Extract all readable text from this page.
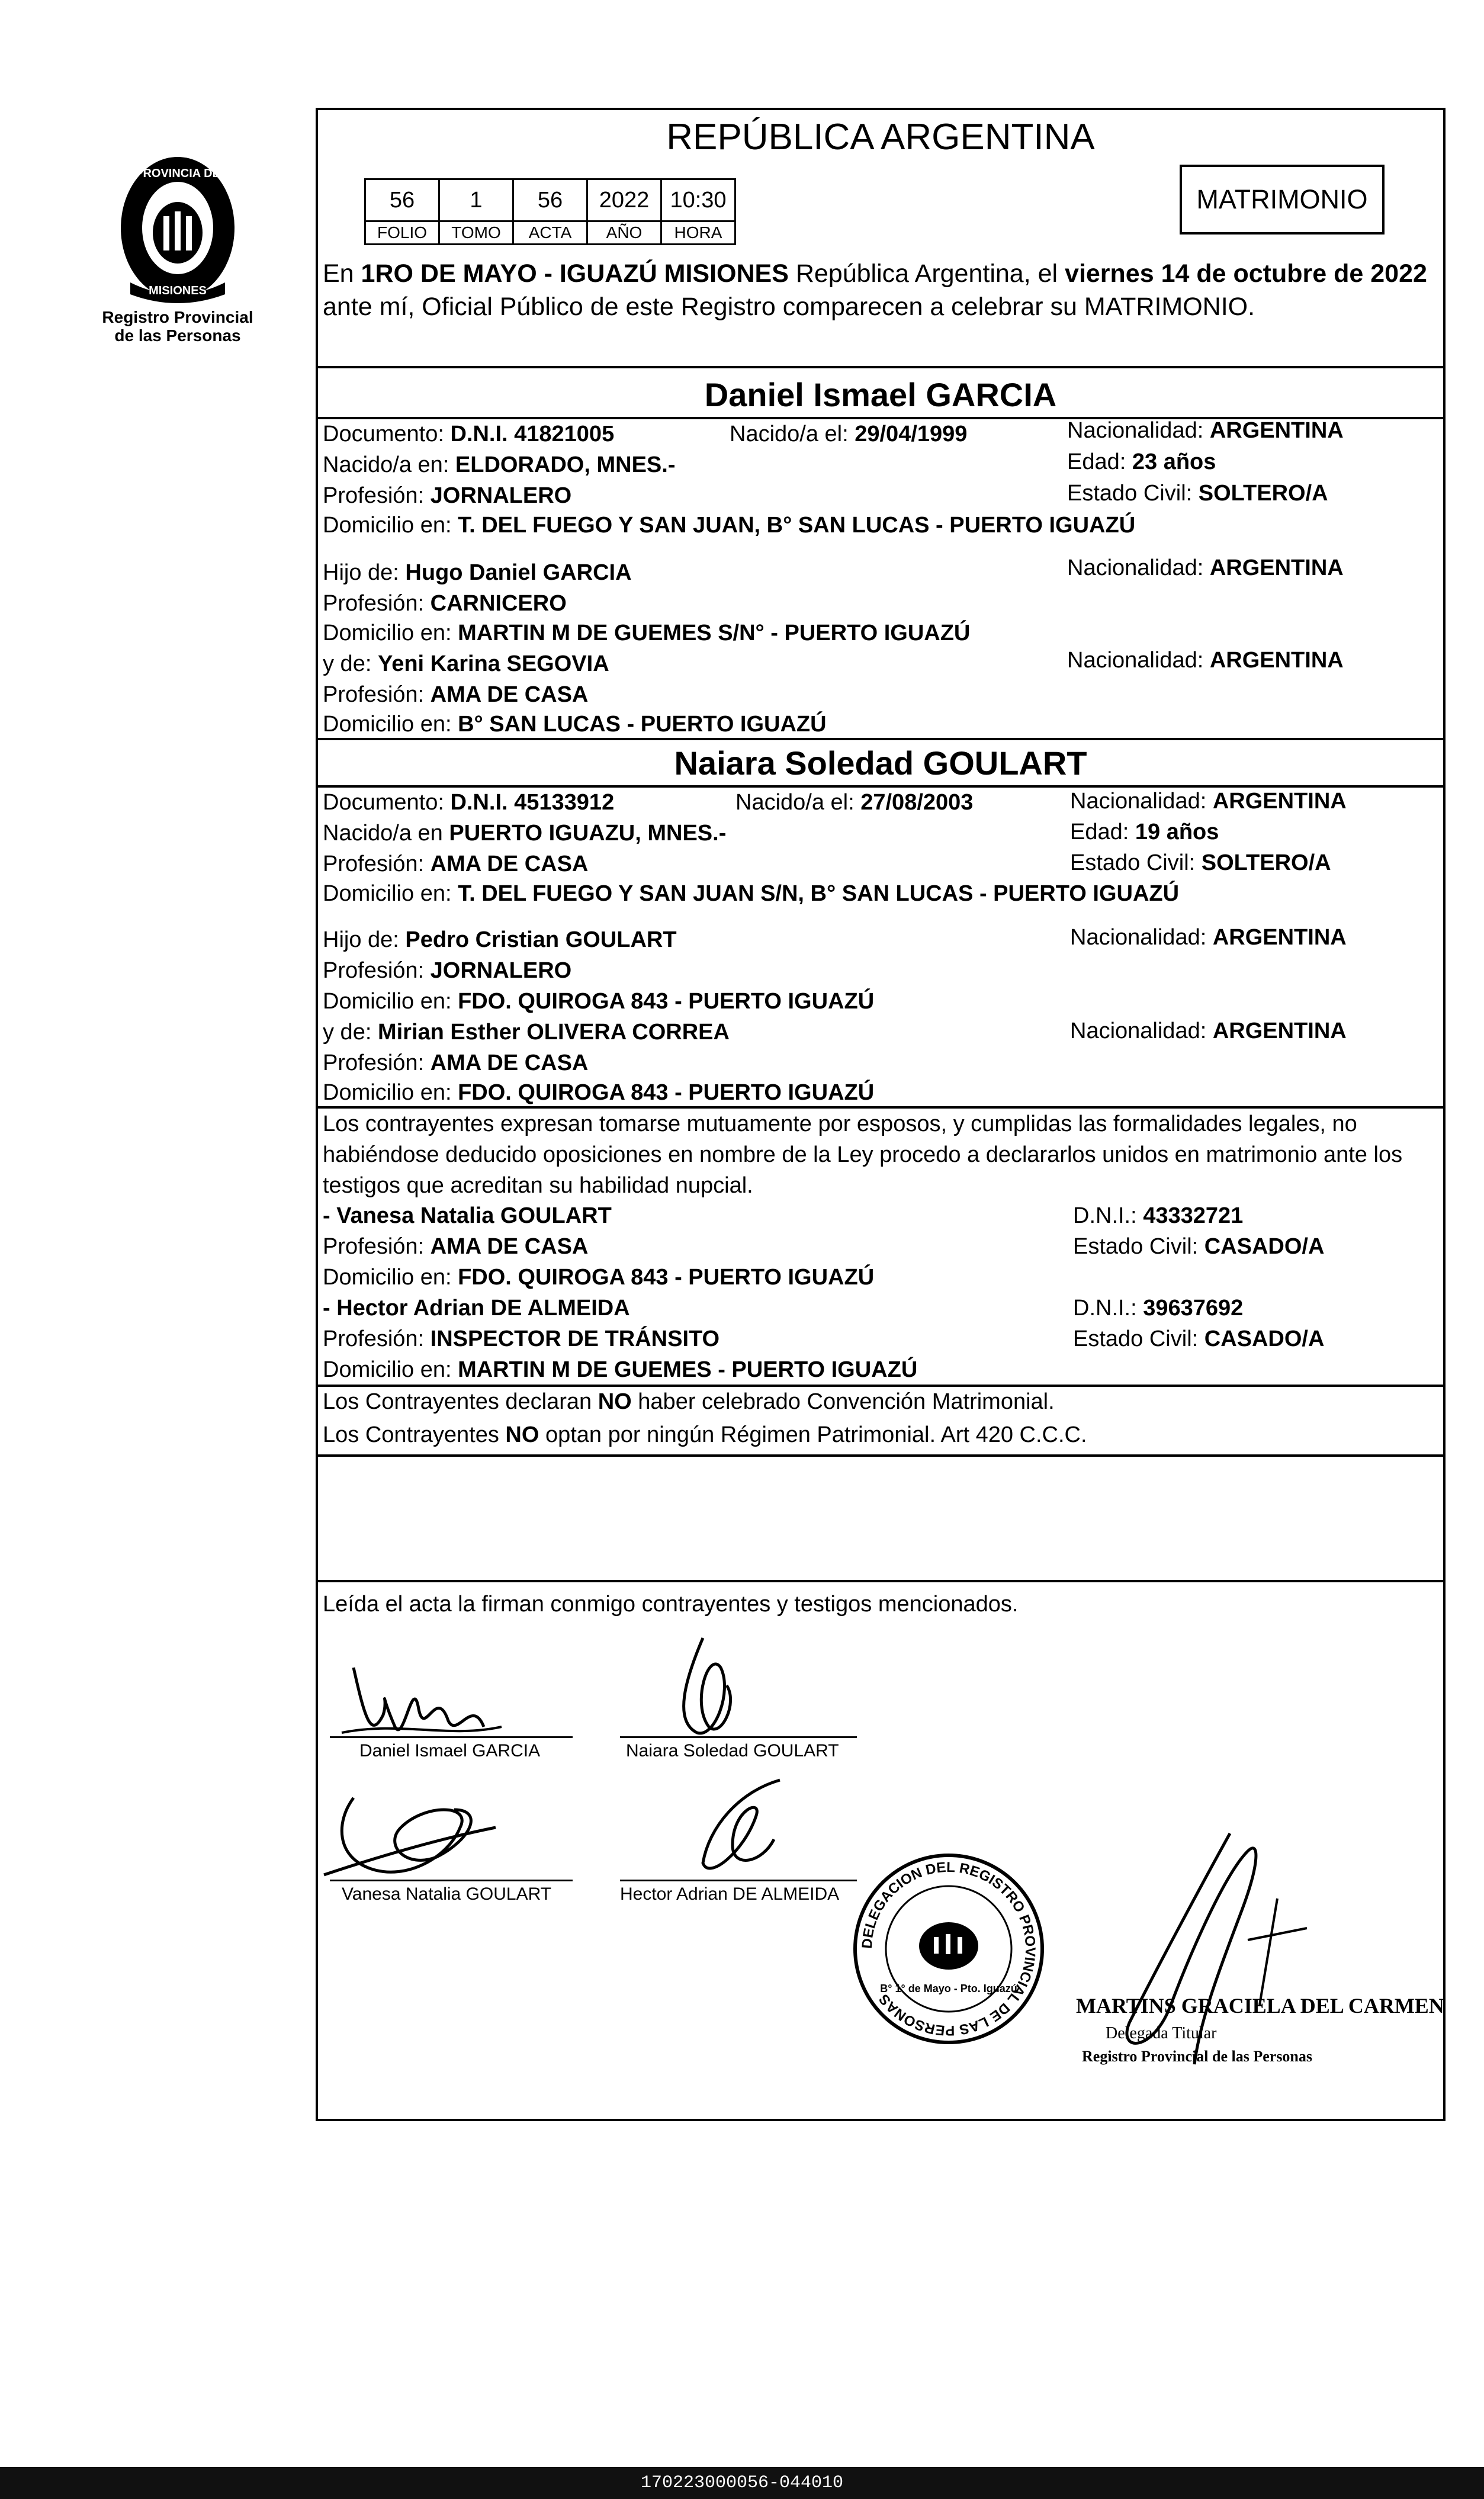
PROVINCIA DE
MISIONES
Registro Provincial
de las Personas
REPÚBLICA ARGENTINA
56	1	56	2022	10:30
FOLIO	TOMO	ACTA	AÑO	HORA
MATRIMONIO
En 1RO DE MAYO - IGUAZÚ MISIONES República Argentina, el viernes 14 de octubre de 2022 ante mí, Oficial Público de este Registro comparecen a celebrar su MATRIMONIO.
Daniel Ismael GARCIA
Documento: D.N.I. 41821005	Nacido/a el: 29/04/1999	Nacionalidad: ARGENTINA
Nacido/a en: ELDORADO, MNES.-	Edad: 23 años
Profesión: JORNALERO	Estado Civil: SOLTERO/A
Domicilio en: T. DEL FUEGO Y SAN JUAN, B° SAN LUCAS - PUERTO IGUAZÚ
Hijo de: Hugo Daniel GARCIA	Nacionalidad: ARGENTINA
Profesión: CARNICERO
Domicilio en: MARTIN M DE GUEMES S/N° - PUERTO IGUAZÚ
y de: Yeni Karina SEGOVIA	Nacionalidad: ARGENTINA
Profesión: AMA DE CASA
Domicilio en: B° SAN LUCAS - PUERTO IGUAZÚ
Naiara Soledad GOULART
Documento: D.N.I. 45133912	Nacido/a el: 27/08/2003	Nacionalidad: ARGENTINA
Nacido/a en PUERTO IGUAZU, MNES.-	Edad: 19 años
Profesión: AMA DE CASA	Estado Civil: SOLTERO/A
Domicilio en: T. DEL FUEGO Y SAN JUAN S/N, B° SAN LUCAS - PUERTO IGUAZÚ
Hijo de: Pedro Cristian GOULART	Nacionalidad: ARGENTINA
Profesión: JORNALERO
Domicilio en: FDO. QUIROGA 843 - PUERTO IGUAZÚ
y de: Mirian Esther OLIVERA CORREA	Nacionalidad: ARGENTINA
Profesión: AMA DE CASA
Domicilio en: FDO. QUIROGA 843 - PUERTO IGUAZÚ
Los contrayentes expresan tomarse mutuamente por esposos, y cumplidas las formalidades legales, no habiéndose deducido oposiciones en nombre de la Ley procedo a declararlos unidos en matrimonio ante los testigos que acreditan su habilidad nupcial.
- Vanesa Natalia GOULART	D.N.I.: 43332721
Profesión: AMA DE CASA	Estado Civil: CASADO/A
Domicilio en: FDO. QUIROGA 843 - PUERTO IGUAZÚ
- Hector Adrian DE ALMEIDA	D.N.I.: 39637692
Profesión: INSPECTOR DE TRÁNSITO	Estado Civil: CASADO/A
Domicilio en: MARTIN M DE GUEMES - PUERTO IGUAZÚ
Los Contrayentes declaran NO haber celebrado Convención Matrimonial.
Los Contrayentes NO optan por ningún Régimen Patrimonial. Art 420 C.C.C.
Leída el acta la firman conmigo contrayentes y testigos mencionados.
Daniel Ismael GARCIA	Naiara Soledad GOULART
Vanesa Natalia GOULART	Hector Adrian DE ALMEIDA
DELEGACION DEL REGISTRO PROVINCIAL DE LAS PERSONAS
B° 1° de Mayo - Pto. Iguazú
MARTINS GRACIELA DEL CARMEN
Delegada Titular
Registro Provincial de las Personas
170223000056-044010
